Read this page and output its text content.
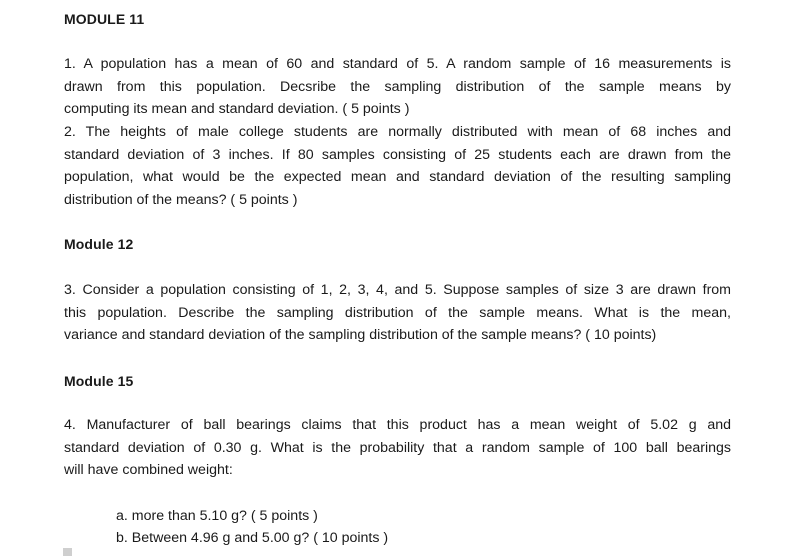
MODULE 11
1. A population has a mean of 60 and standard of 5. A random sample of 16 measurements is
drawn from this population. Decsribe the sampling distribution of the sample means by
computing its mean and standard deviation. ( 5 points )
2. The heights of male college students are normally distributed with mean of 68 inches and
standard deviation of 3 inches. If 80 samples consisting of 25 students each are drawn from the
population, what would be the expected mean and standard deviation of the resulting sampling
distribution of the means? ( 5 points )
Module 12
3. Consider a population consisting of 1, 2, 3, 4, and 5. Suppose samples of size 3 are drawn from
this population. Describe the sampling distribution of the sample means. What is the mean,
variance and standard deviation of the sampling distribution of the sample means? ( 10 points)
Module 15
4. Manufacturer of ball bearings claims that this product has a mean weight of 5.02 g and
standard deviation of 0.30 g. What is the probability that a random sample of 100 ball bearings
will have combined weight:
a. more than 5.10 g? ( 5 points )
b. Between 4.96 g and 5.00 g? ( 10 points )
